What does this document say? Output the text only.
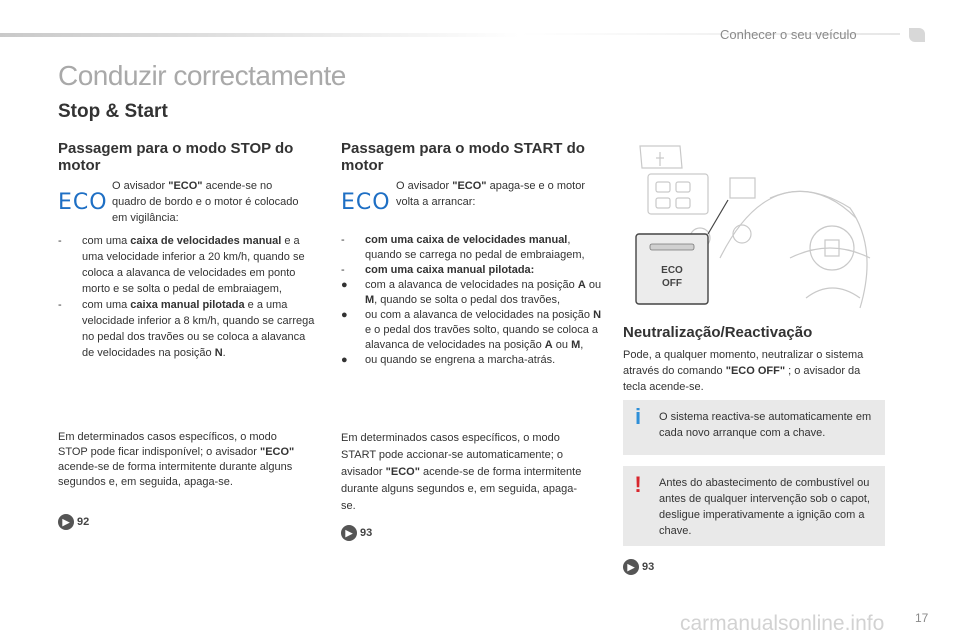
Conhecer o seu veículo
Conduzir correctamente
Stop & Start
Passagem para o modo STOP do motor
ECO
O avisador "ECO" acende-se no quadro de bordo e o motor é colocado em vigilância:
-	com uma caixa de velocidades manual e a uma velocidade inferior a 20 km/h, quando se coloca a alavanca de velocidades em ponto morto e se solta o pedal de embraiagem,
-	com uma caixa manual pilotada e a uma velocidade inferior a 8 km/h, quando se carrega no pedal dos travões ou se coloca a alavanca de velocidades na posição N.
Em determinados casos específicos, o modo STOP pode ficar indisponível; o avisador "ECO" acende-se de forma intermitente durante alguns segundos e, em seguida, apaga-se.
▶ 92
Passagem para o modo START do motor
ECO
O avisador "ECO" apaga-se e o motor volta a arrancar:
-	com uma caixa de velocidades manual, quando se carrega no pedal de embraiagem,
-	com uma caixa manual pilotada:
●	com a alavanca de velocidades na posição A ou M, quando se solta o pedal dos travões,
●	ou com a alavanca de velocidades na posição N e o pedal dos travões solto, quando se coloca a alavanca de velocidades na posição A ou M,
●	ou quando se engrena a marcha-atrás.
Em determinados casos específicos, o modo START pode accionar-se automaticamente; o avisador "ECO" acende-se de forma intermitente durante alguns segundos e, em seguida, apaga-se.
▶ 93
ECO
OFF
Neutralização/Reactivação
Pode, a qualquer momento, neutralizar o sistema através do comando "ECO OFF" ; o avisador da tecla acende-se.
i	O sistema reactiva-se automaticamente em cada novo arranque com a chave.
!	Antes do abastecimento de combustível ou antes de qualquer intervenção sob o capot, desligue imperativamente a ignição com a chave.
▶ 93
carmanualsonline.info	17
